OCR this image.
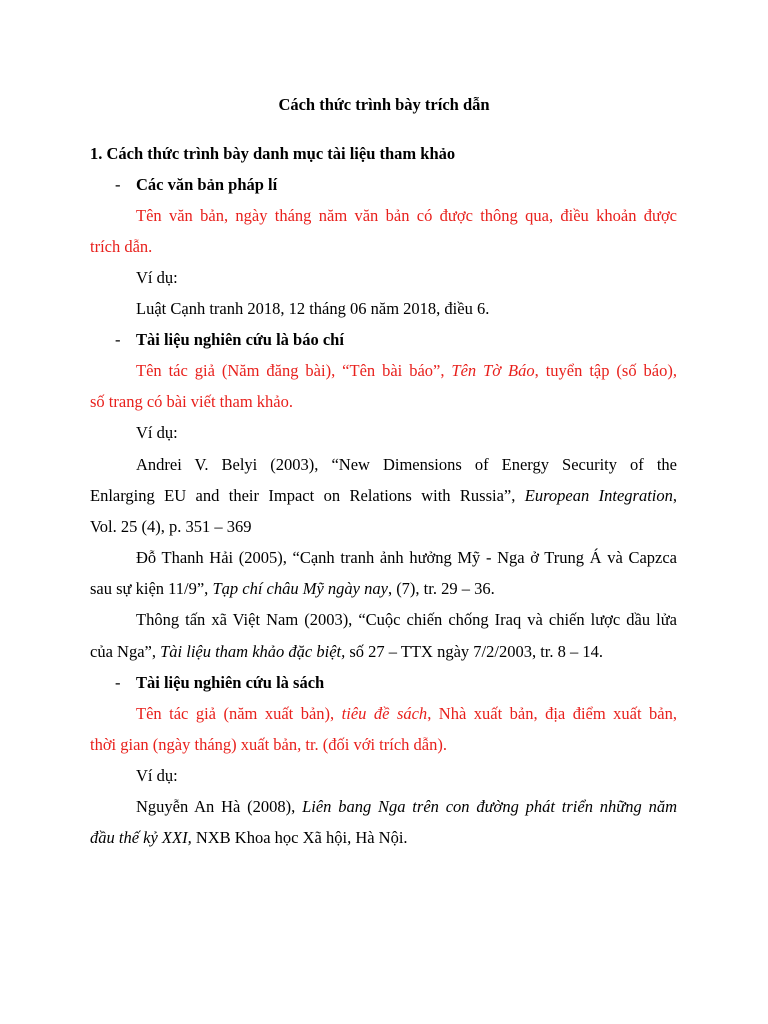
Cách thức trình bày trích dẫn
1. Cách thức trình bày danh mục tài liệu tham khảo
- Các văn bản pháp lí
Tên văn bản, ngày tháng năm văn bản có được thông qua, điều khoản được
trích dẫn.
Ví dụ:
Luật Cạnh tranh 2018, 12 tháng 06 năm 2018, điều 6.
- Tài liệu nghiên cứu là báo chí
Tên tác giả (Năm đăng bài), “Tên bài báo”, Tên Tờ Báo, tuyển tập (số báo),
số trang có bài viết tham khảo.
Ví dụ:
Andrei V. Belyi (2003), “New Dimensions of Energy Security of the
Enlarging EU and their Impact on Relations with Russia”, European Integration,
Vol. 25 (4), p. 351 – 369
Đỗ Thanh Hải (2005), “Cạnh tranh ảnh hưởng Mỹ - Nga ở Trung Á và Capzca
sau sự kiện 11/9”, Tạp chí châu Mỹ ngày nay, (7), tr. 29 – 36.
Thông tấn xã Việt Nam (2003), “Cuộc chiến chống Iraq và chiến lược dầu lửa
của Nga”, Tài liệu tham khảo đặc biệt, số 27 – TTX ngày 7/2/2003, tr. 8 – 14.
- Tài liệu nghiên cứu là sách
Tên tác giả (năm xuất bản), tiêu đề sách, Nhà xuất bản, địa điểm xuất bản,
thời gian (ngày tháng) xuất bản, tr. (đối với trích dẫn).
Ví dụ:
Nguyễn An Hà (2008), Liên bang Nga trên con đường phát triển những năm
đầu thế kỷ XXI, NXB Khoa học Xã hội, Hà Nội.
